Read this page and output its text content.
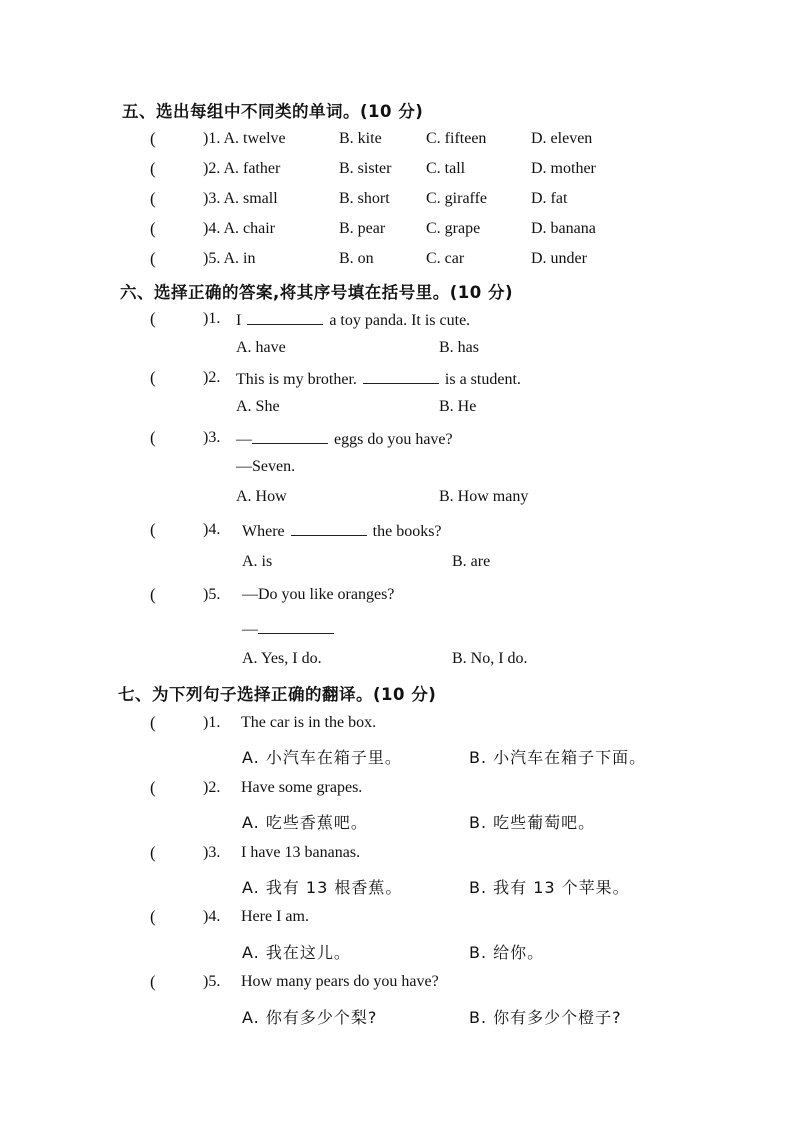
五、选出每组中不同类的单词。(10 分)
(	)1. A. twelve	B. kite	C. fifteen	D. eleven
(	)2. A. father	B. sister C. tall	D. mother
(	)3. A. small	B. short C. giraffe	D. fat
(	)4. A. chair	B. pear	C. grape	D. banana
(	)5. A. in	B. on	C. car	D. under
六、选择正确的答案,将其序号填在括号里。(10 分)
(	)1. I	a toy panda. It is cute.
A. have	B. has
(	)2. This is my brother.	is a student.
A. She	B. He
(	)3. —	eggs do you have?
—Seven.
A. How	B. How many
(	)4. Where	the books?
A. is	B. are
(	)5. —Do you like oranges?
—
A. Yes, I do.	B. No, I do.
七、为下列句子选择正确的翻译。(10 分)
(	)1. The car is in the box.
A. 小汽车在箱子里。	B. 小汽车在箱子下面。
(	)2. Have some grapes.
A. 吃些香蕉吧。	B. 吃些葡萄吧。
(	)3. I have 13 bananas.
A. 我有 13 根香蕉。	B. 我有 13 个苹果。
(	)4. Here I am.
A. 我在这儿。	B. 给你。
(	)5. How many pears do you have?
A. 你有多少个梨?	B. 你有多少个橙子?
